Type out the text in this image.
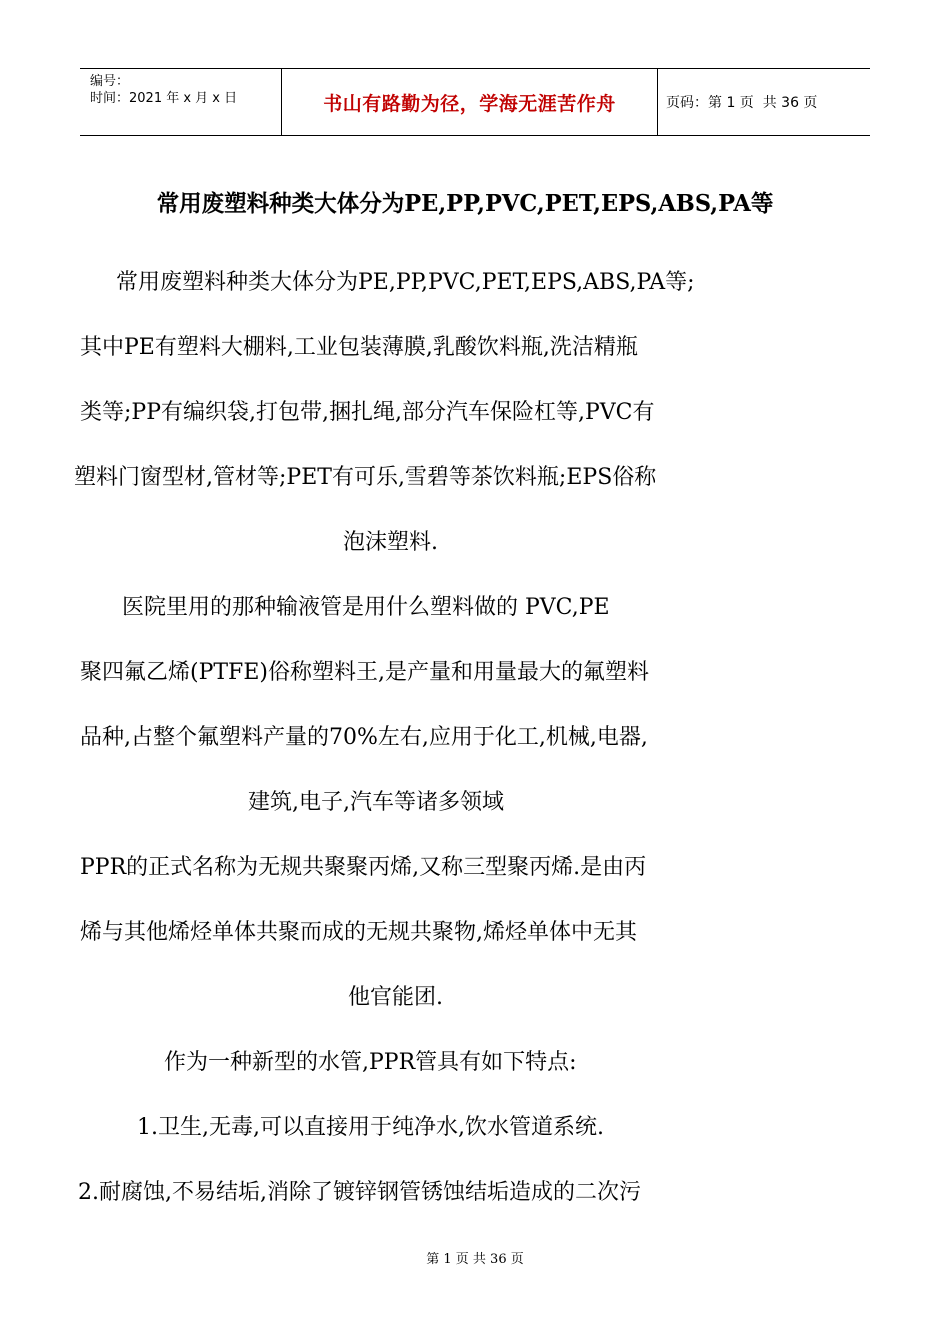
编号：
时间：2021 年 x 月 x 日	书山有路勤为径，学海无涯苦作舟	页码：第 1 页  共 36 页
常用废塑料种类大体分为PE,PP,PVC,PET,EPS,ABS,PA等
常用废塑料种类大体分为PE,PP,PVC,PET,EPS,ABS,PA等;
其中PE有塑料大棚料,工业包装薄膜,乳酸饮料瓶,洗洁精瓶
类等;PP有编织袋,打包带,捆扎绳,部分汽车保险杠等,PVC有
塑料门窗型材,管材等;PET有可乐,雪碧等茶饮料瓶;EPS俗称
泡沫塑料.
医院里用的那种输液管是用什么塑料做的 PVC,PE
聚四氟乙烯(PTFE)俗称塑料王,是产量和用量最大的氟塑料
品种,占整个氟塑料产量的70%左右,应用于化工,机械,电器,
建筑,电子,汽车等诸多领域
PPR的正式名称为无规共聚聚丙烯,又称三型聚丙烯.是由丙
烯与其他烯烃单体共聚而成的无规共聚物,烯烃单体中无其
他官能团.
作为一种新型的水管,PPR管具有如下特点:
1.卫生,无毒,可以直接用于纯净水,饮水管道系统.
2.耐腐蚀,不易结垢,消除了镀锌钢管锈蚀结垢造成的二次污
第 1 页 共 36 页
